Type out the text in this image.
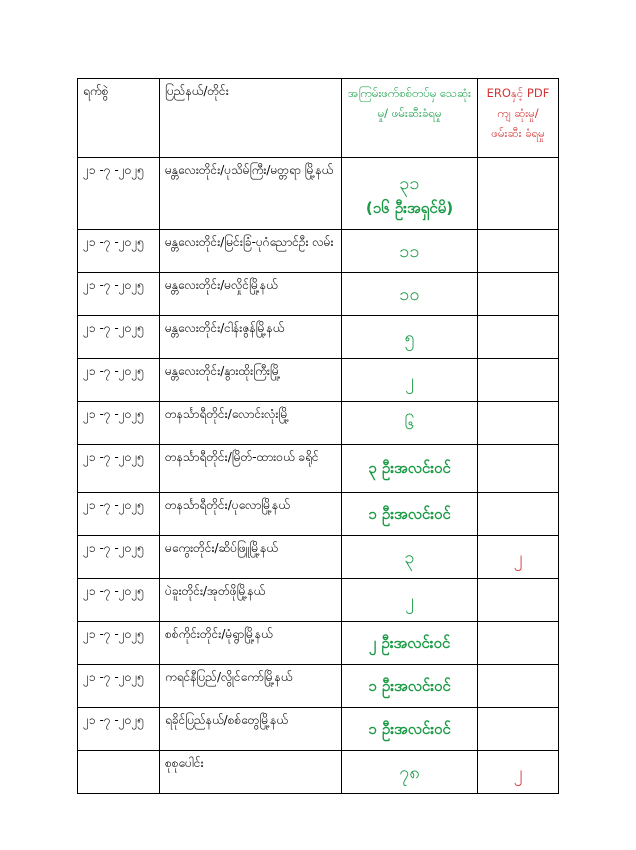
ရက်စွဲ	ပြည်နယ်/တိုင်း	အကြမ်းဖက်စစ်တပ်မှ သေဆုံးမှု/ ဖမ်းဆီးခံရမှု	EROနှင့် PDF ကျ ဆုံးမှု/ ဖမ်းဆီး ခံရမှု
၂၁ -၇ -၂၀၂၅	မန္တလေးတိုင်း/ပုသိမ်ကြီး/မတ္တရာ မြို့နယ်	၃၁
(၁၆ ဦးအရှင်မိ)	

၂၁ -၇ -၂၀၂၅	မန္တလေးတိုင်း/မြင်းခြံ-ပုဂံညောင်ဦး လမ်း	၁၁	
၂၁ -၇ -၂၀၂၅	မန္တလေးတိုင်း/မလှိုင်မြို့နယ်	၁၀	
၂၁ -၇ -၂၀၂၅	မန္တလေးတိုင်း/ငါန်းဇွန်မြို့နယ်	၅	
၂၁ -၇ -၂၀၂၅	မန္တလေးတိုင်း/နွားထိုးကြီးမြို့	၂	
၂၁ -၇ -၂၀၂၅	တနင်္သာရီတိုင်း/လောင်းလုံးမြို့	၆	
၂၁ -၇ -၂၀၂၅	တနင်္သာရီတိုင်း/မြိတ်-ထားဝယ် ခရိုင်	၃ ဦးအလင်းဝင်	
၂၁ -၇ -၂၀၂၅	တနင်္သာရီတိုင်း/ပုလောမြို့နယ်	၁ ဦးအလင်းဝင်	
၂၁ -၇ -၂၀၂၅	မကွေးတိုင်း/ဆိပ်ဖြူမြို့နယ်	၃	၂
၂၁ -၇ -၂၀၂၅	ပဲခူးတိုင်း/အုတ်ဖိုမြို့နယ်	၂	
၂၁ -၇ -၂၀၂၅	စစ်ကိုင်းတိုင်း/မုံရွာမြို့နယ်	၂ ဦးအလင်းဝင်	
၂၁ -၇ -၂၀၂၅	ကရင်နီပြည်/လွိုင်ကော်မြို့နယ်	၁ ဦးအလင်းဝင်	
၂၁ -၇ -၂၀၂၅	ရခိုင်ပြည်နယ်/စစ်တွေမြို့နယ်	၁ ဦးအလင်းဝင်	
	စုစုပေါင်း	၇၈	၂
